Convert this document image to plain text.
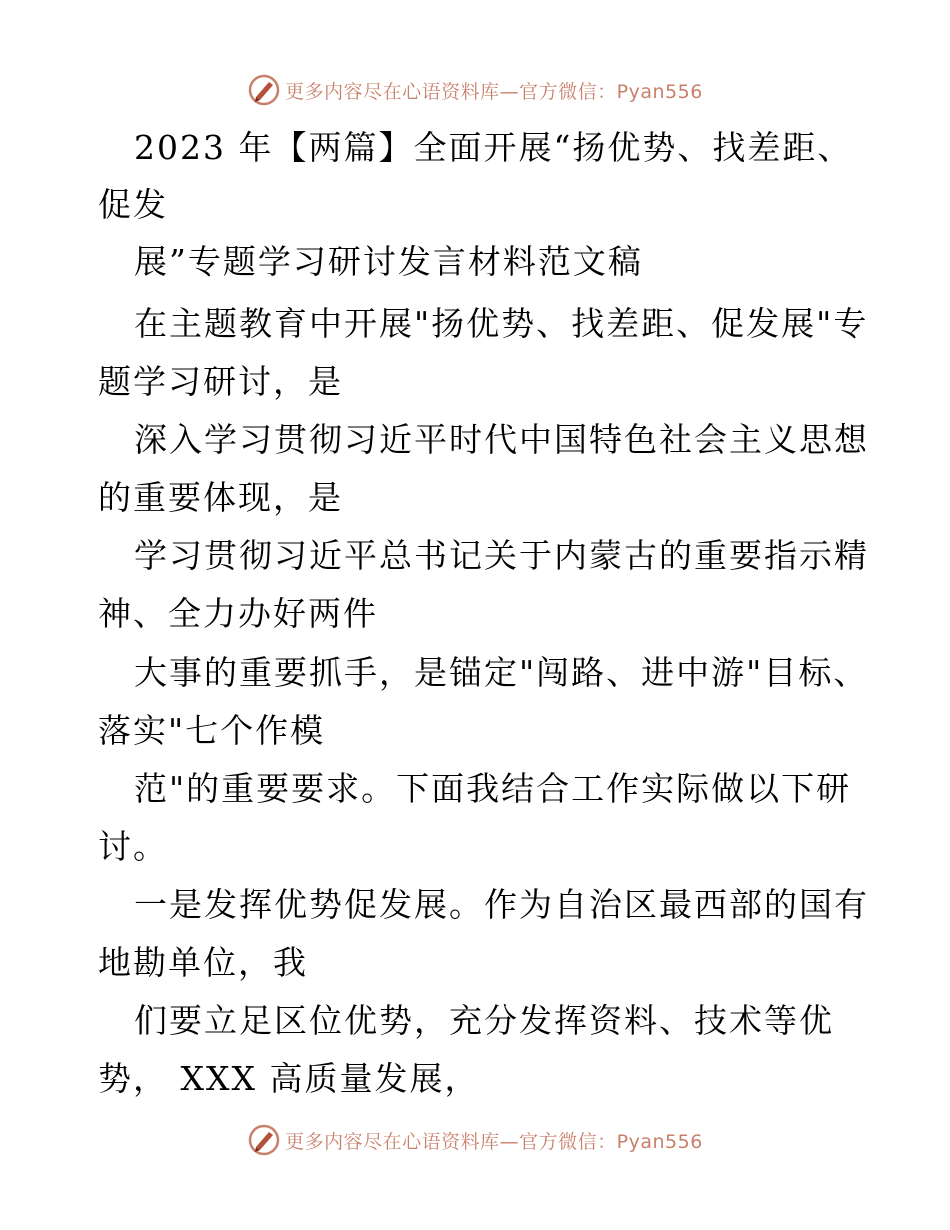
更多内容尽在心语资料库—官方微信：Pyan556
2023 年【两篇】全面开展“扬优势、找差距、
促发
展”专题学习研讨发言材料范文稿
在主题教育中开展"扬优势、找差距、促发展"专
题学习研讨，是
深入学习贯彻习近平时代中国特色社会主义思想
的重要体现，是
学习贯彻习近平总书记关于内蒙古的重要指示精
神、全力办好两件
大事的重要抓手，是锚定"闯路、进中游"目标、
落实"七个作模
范"的重要要求。下面我结合工作实际做以下研
讨。
一是发挥优势促发展。作为自治区最西部的国有
地勘单位，我
们要立足区位优势，充分发挥资料、技术等优
势， XXX 高质量发展，
更多内容尽在心语资料库—官方微信：Pyan556
